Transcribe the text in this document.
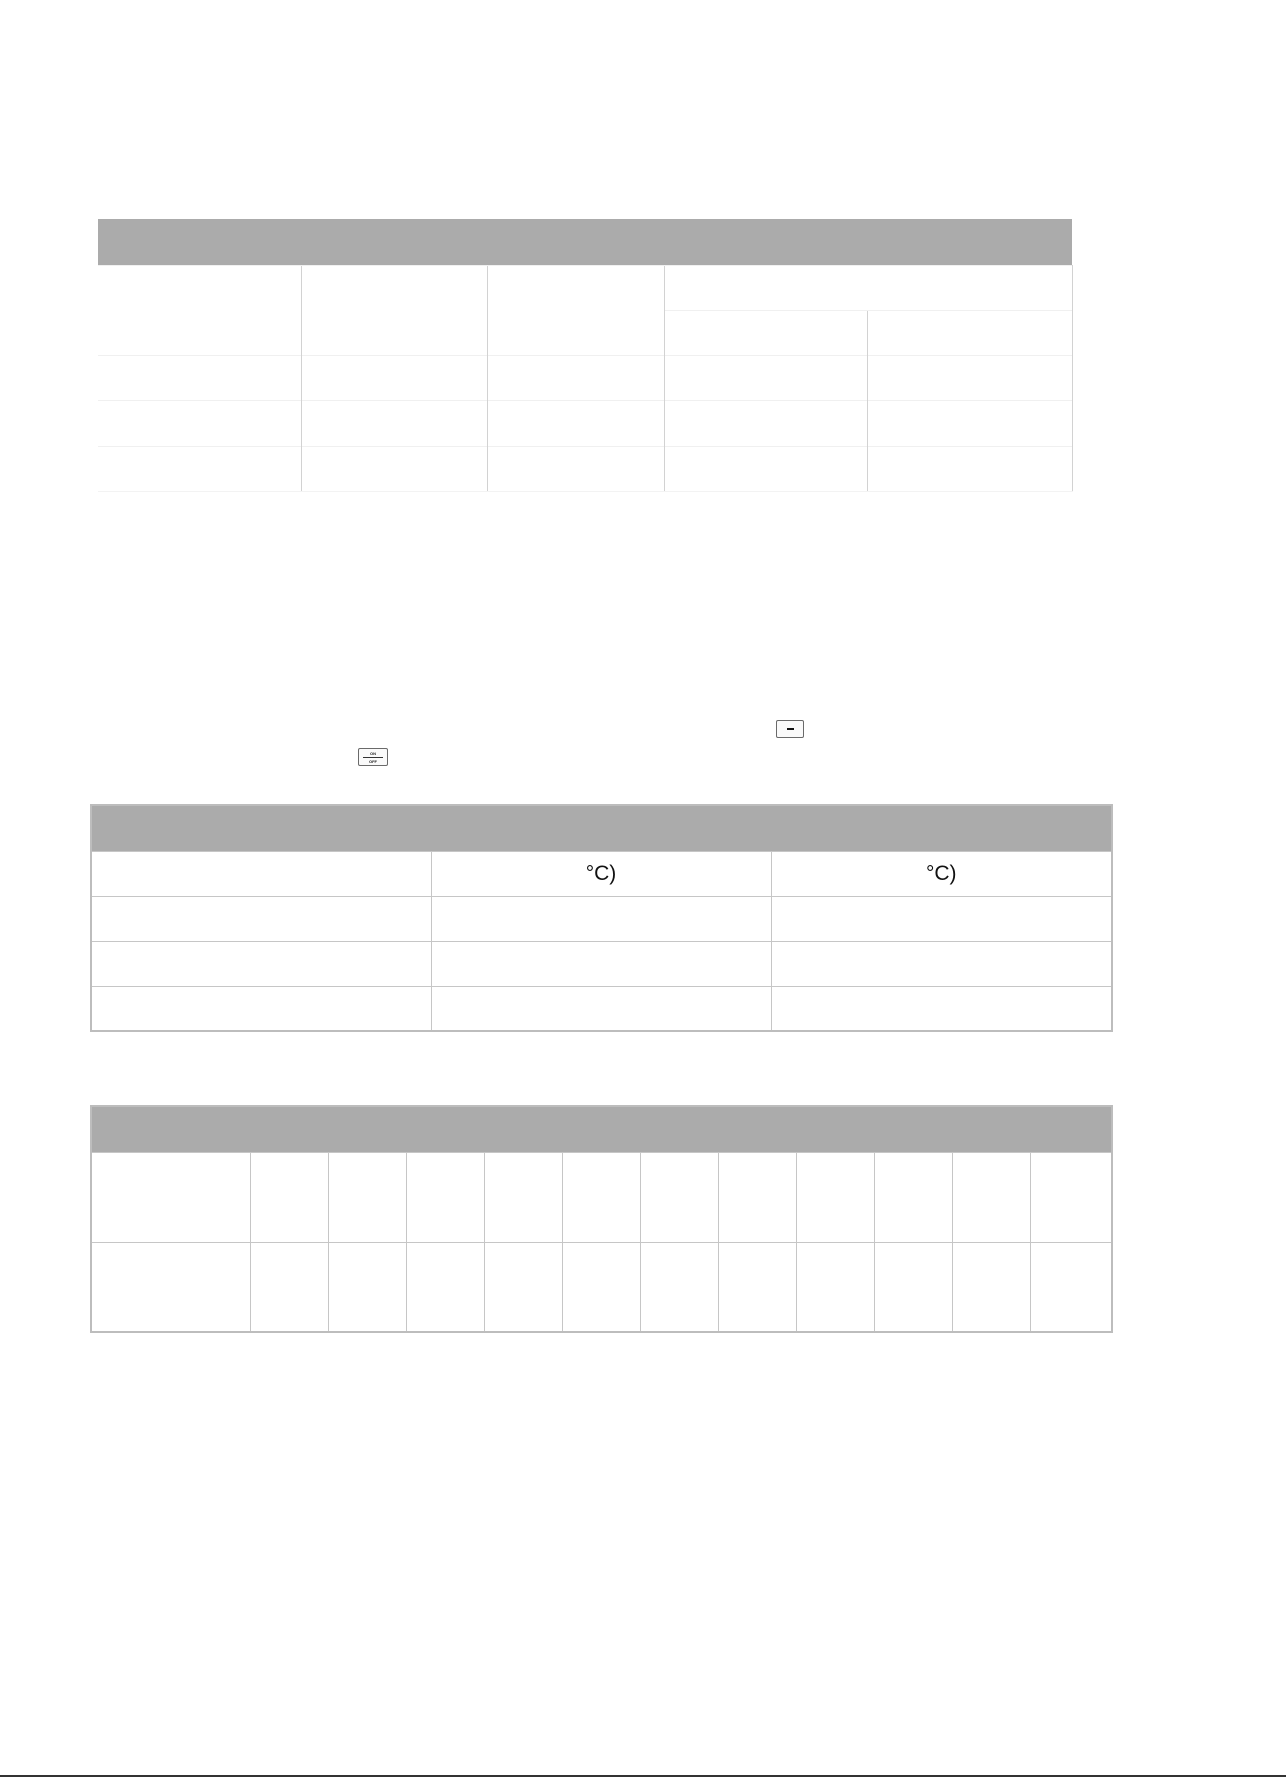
ON
OFF

	°C)	°C)
